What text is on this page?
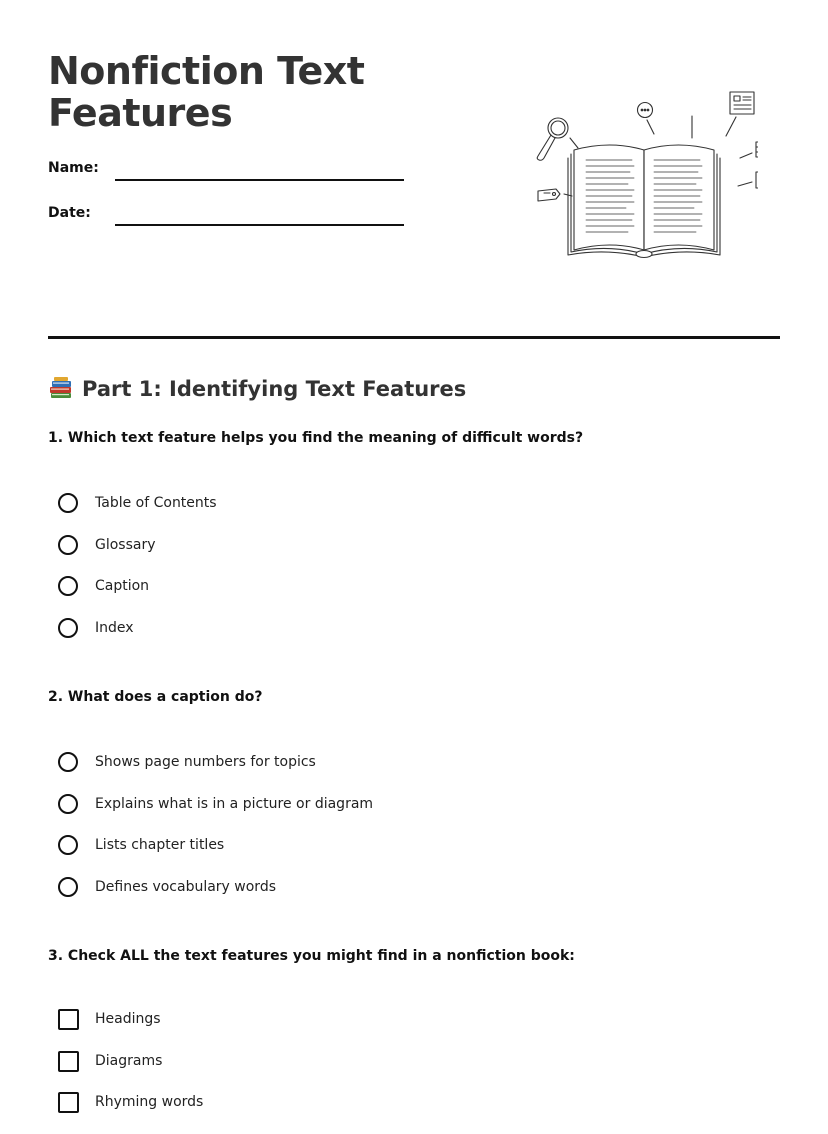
Nonfiction Text
Features
Name:
Date:
Part 1: Identifying Text Features

1. Which text feature helps you find the meaning of difficult words?

Table of Contents
Glossary
Caption
Index

2. What does a caption do?

Shows page numbers for topics
Explains what is in a picture or diagram
Lists chapter titles
Defines vocabulary words

3. Check ALL the text features you might find in a nonfiction book:

Headings
Diagrams
Rhyming words
